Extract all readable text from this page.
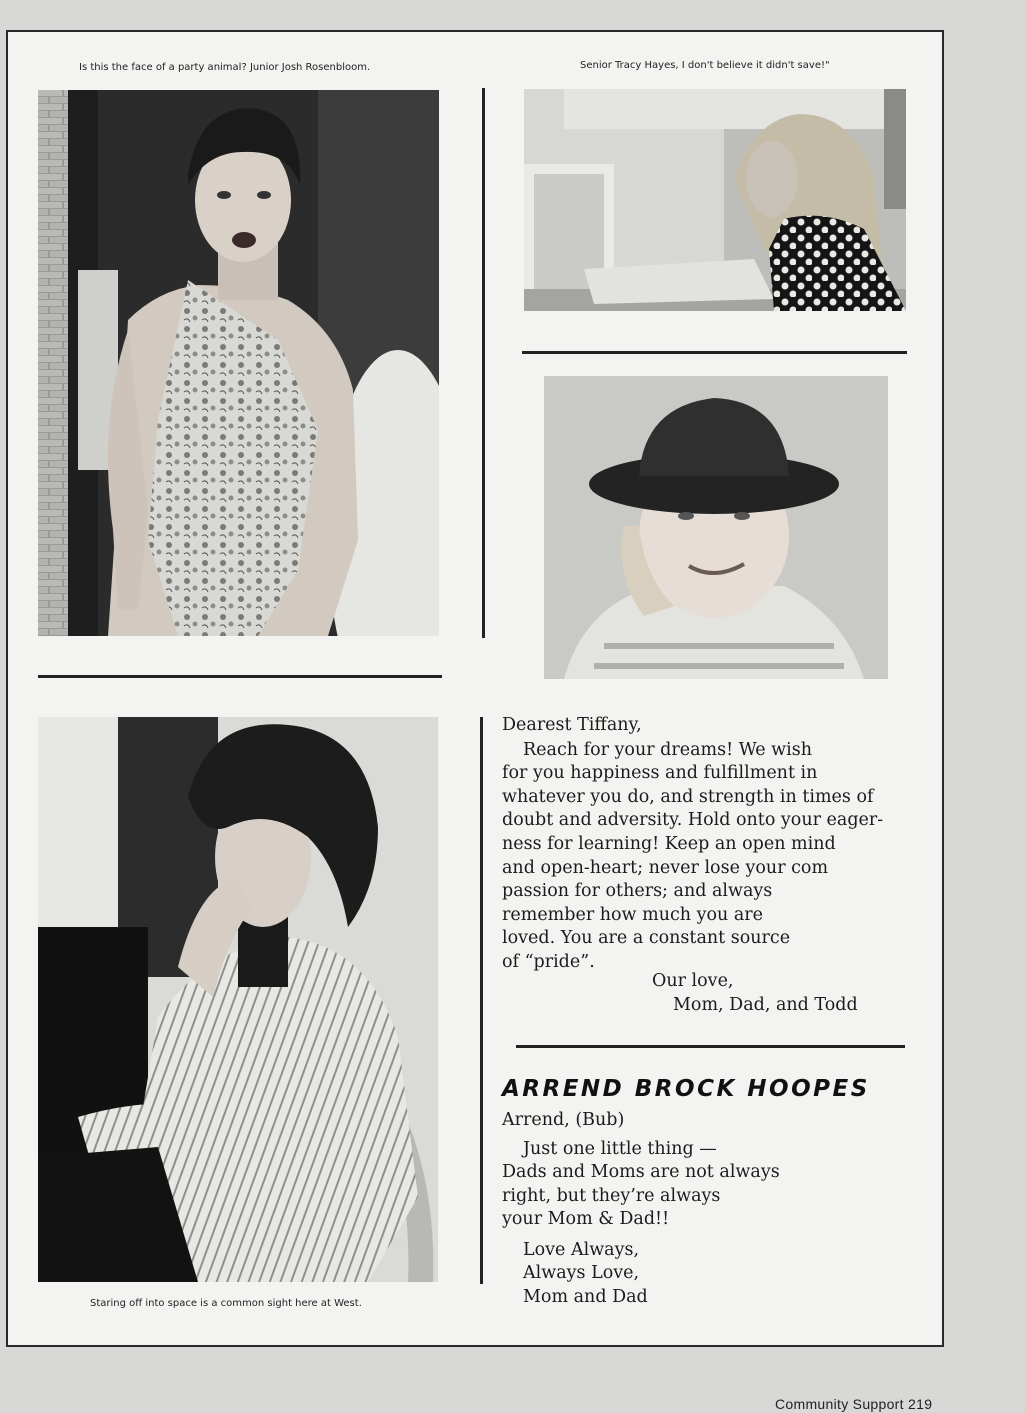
Is this the face of a party animal? Junior Josh Rosenbloom.	Senior Tracy Hayes, I don't believe it didn't save!"
Staring off into space is a common sight here at West.
Dearest Tiffany,
Reach for your dreams! We wish
for you happiness and fulfillment in
whatever you do, and strength in times of
doubt and adversity. Hold onto your eager-
ness for learning! Keep an open mind
and open-heart; never lose your com
passion for others; and always
remember how much you are
loved. You are a constant source
of “pride”.
Our love,
Mom, Dad, and Todd
ARREND BROCK HOOPES
Arrend, (Bub)
Just one little thing —
Dads and Moms are not always
right, but they’re always
your Mom & Dad!!
Love Always,
Always Love,
Mom and Dad
Community Support 219
